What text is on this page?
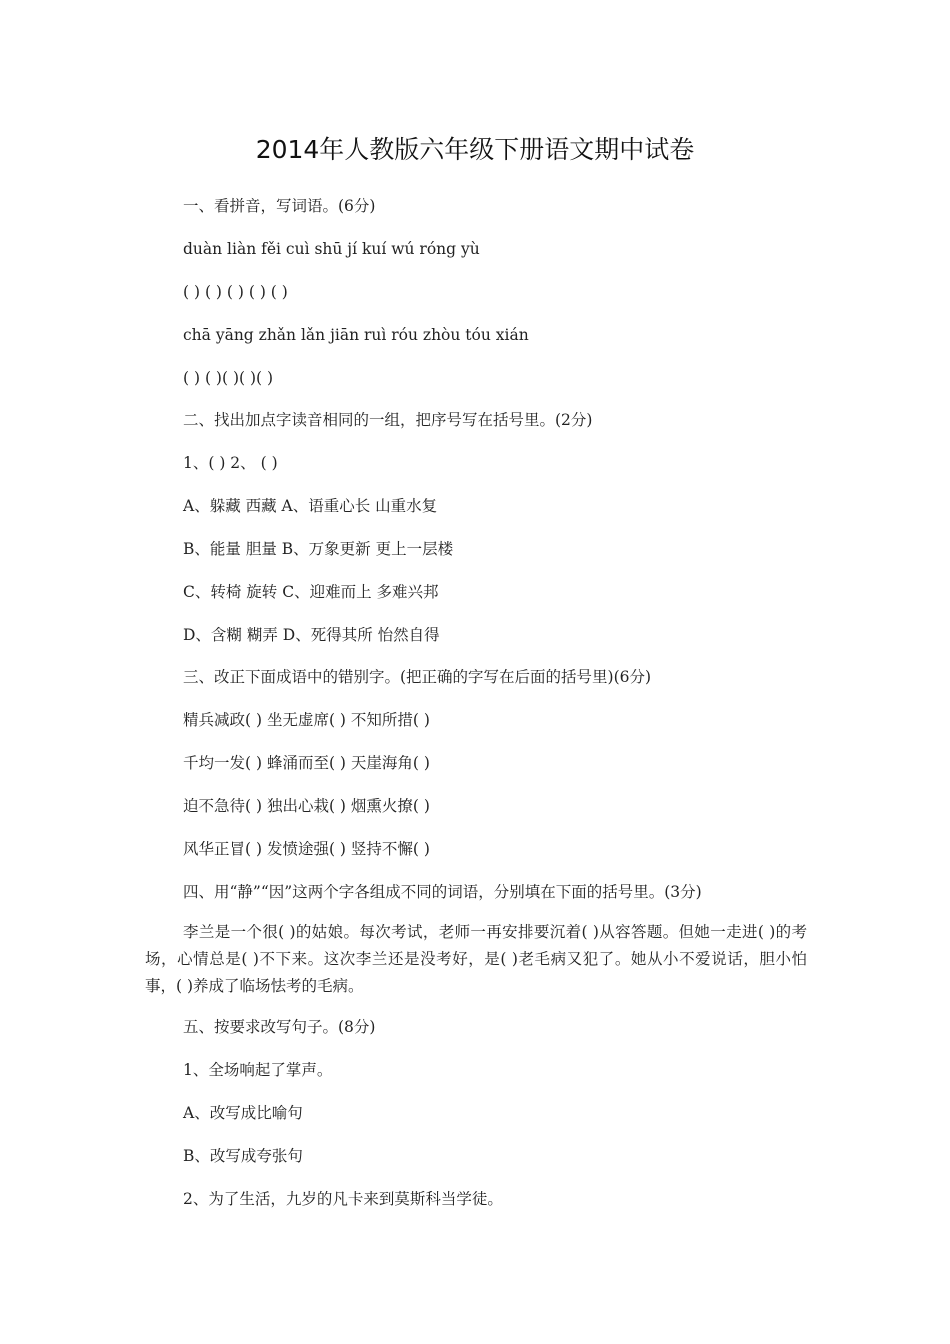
2014年人教版六年级下册语文期中试卷
一、看拼音，写词语。(6分)
duàn liàn fěi cuì shū jí kuí wú róng yù
( ) ( ) ( ) ( ) ( )
chā yāng zhǎn lǎn jiān ruì róu zhòu tóu xián
( ) ( )( )( )( )
二、找出加点字读音相同的一组，把序号写在括号里。(2分)
1、( ) 2、 ( )
A、躲藏 西藏 A、语重心长 山重水复
B、能量 胆量 B、万象更新 更上一层楼
C、转椅 旋转 C、迎难而上 多难兴邦
D、含糊 糊弄 D、死得其所 怡然自得
三、改正下面成语中的错别字。(把正确的字写在后面的括号里)(6分)
精兵减政( ) 坐无虚席( ) 不知所措( )
千均一发( ) 蜂涌而至( ) 天崖海角( )
迫不急待( ) 独出心栽( ) 烟熏火撩( )
风华正冒( ) 发愤途强( ) 竖持不懈( )
四、用“静”“因”这两个字各组成不同的词语，分别填在下面的括号里。(3分)
李兰是一个很( )的姑娘。每次考试，老师一再安排要沉着( )从容答题。但她一走进( )的考场，心情总是( )不下来。这次李兰还是没考好，是( )老毛病又犯了。她从小不爱说话，胆小怕事，( )养成了临场怯考的毛病。
五、按要求改写句子。(8分)
1、全场响起了掌声。
A、改写成比喻句
B、改写成夸张句
2、为了生活，九岁的凡卡来到莫斯科当学徒。
